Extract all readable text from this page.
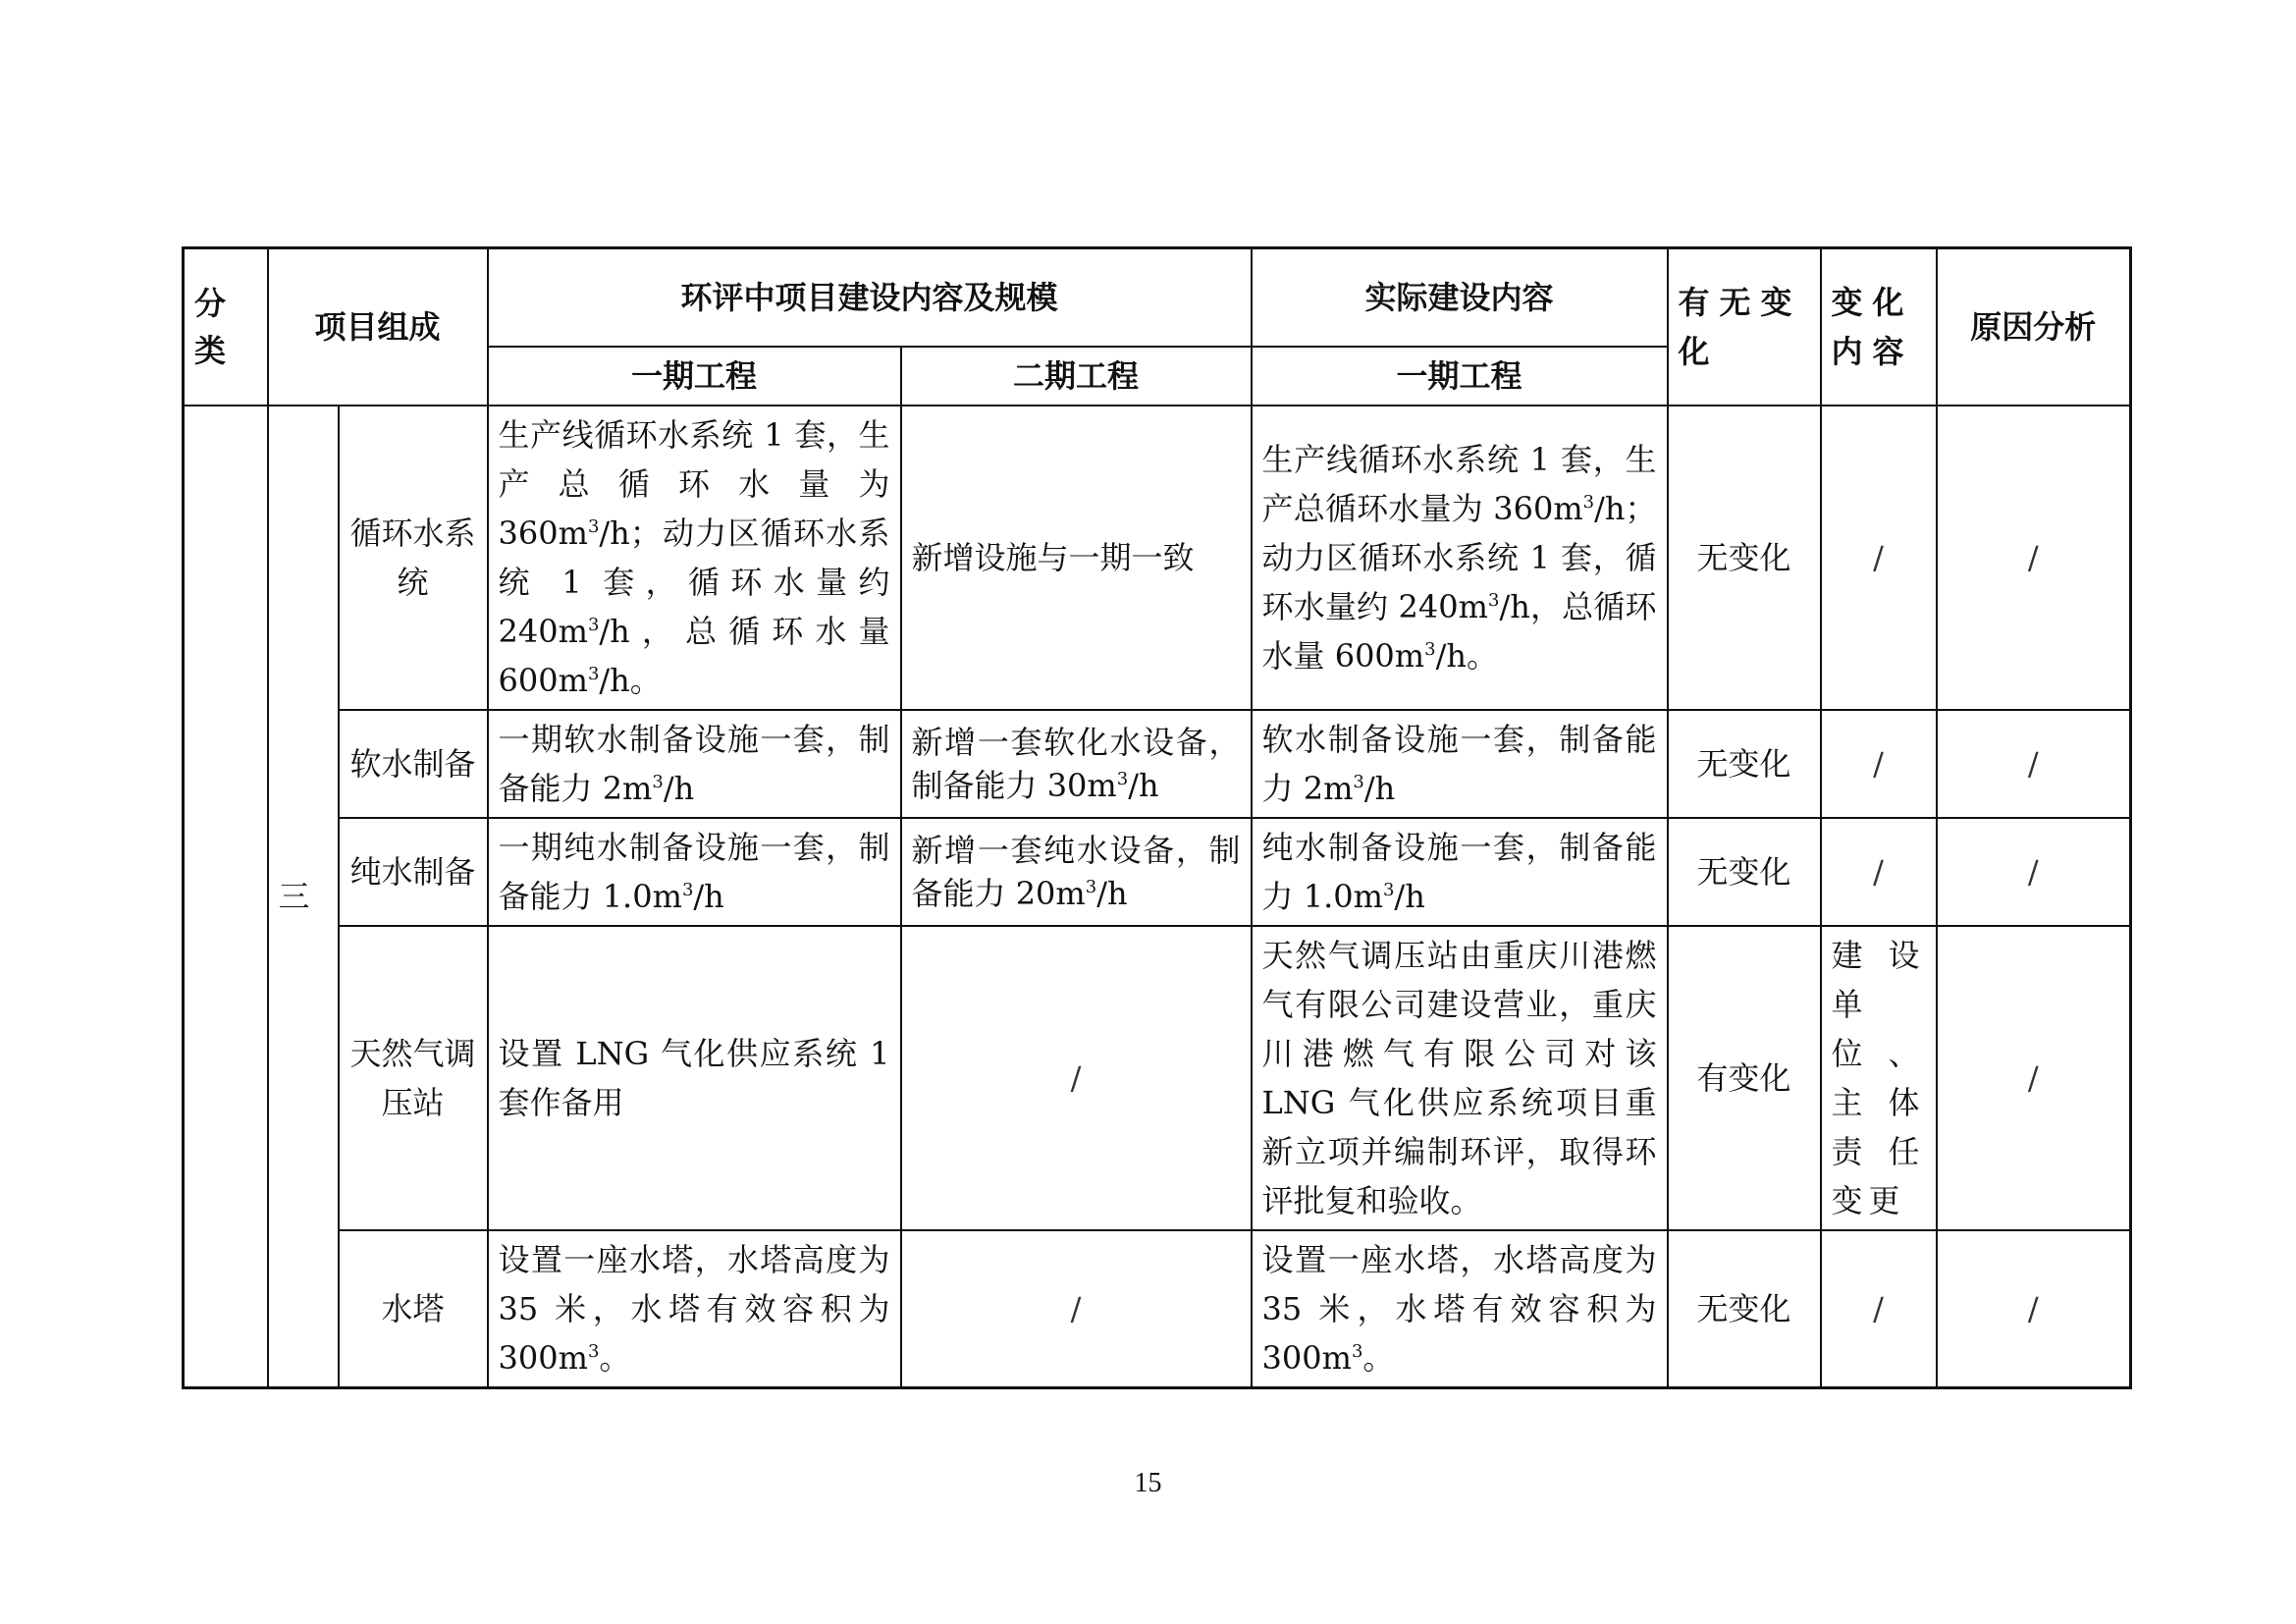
分类	项目组成		环评中项目建设内容及规模		实际建设内容	有无变化	变化内容	原因分析
			一期工程	二期工程	一期工程			
	三	循环水系统	生产线循环水系统 1 套，生产总循环水量为 $360m^3/h$；动力区循环水系统 1 套，循环水量约 $240m^3/h$，总循环水量 $600m^3/h$。	新增设施与一期一致	生产线循环水系统 1 套，生产总循环水量为 $360m^3/h$；动力区循环水系统 1 套，循环水量约 $240m^3/h$，总循环水量 $600m^3/h$。	无变化	/	/
		软水制备	一期软水制备设施一套，制备能力 $2m^3/h$	新增一套软化水设备，制备能力 $30m^3/h$	软水制备设施一套，制备能力 $2m^3/h$	无变化	/	/
		纯水制备	一期纯水制备设施一套，制备能力 $1.0m^3/h$	新增一套纯水设备，制备能力 $20m^3/h$	纯水制备设施一套，制备能力 $1.0m^3/h$	无变化	/	/
		天然气调压站	设置 LNG 气化供应系统 1 套作备用	/	天然气调压站由重庆川港燃气有限公司建设营业，重庆川港燃气有限公司对该 LNG 气化供应系统项目重新立项并编制环评，取得环评批复和验收。	有变化	建设单位、主体责任变更	/
		水塔	设置一座水塔，水塔高度为 35 米，水塔有效容积为 $300m^3$。	/	设置一座水塔，水塔高度为 35 米，水塔有效容积为 $300m^3$。	无变化	/	/
15
